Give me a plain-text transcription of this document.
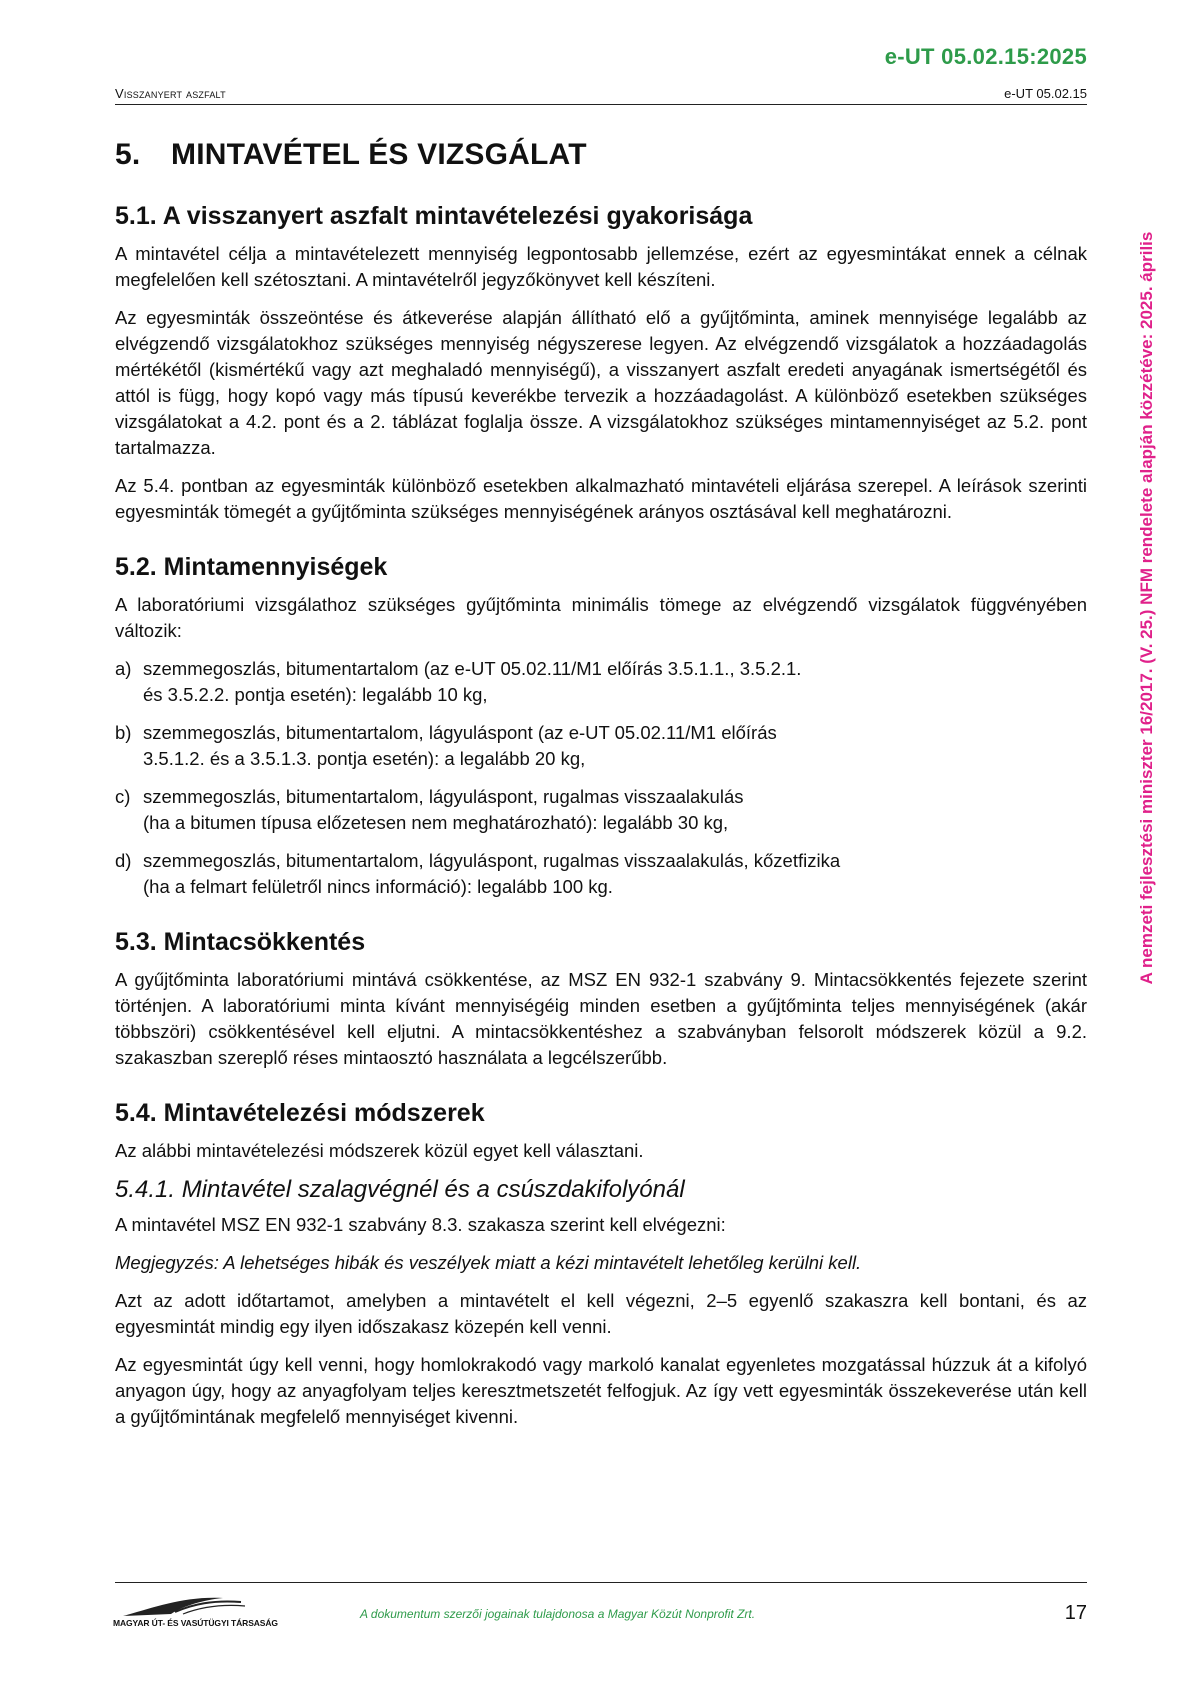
e-UT 05.02.15:2025
Visszanyert aszfalt	e-UT 05.02.15
A nemzeti fejlesztési miniszter 16/2017. (V. 25.) NFM rendelete alapján közzétéve: 2025. április
5. MINTAVÉTEL ÉS VIZSGÁLAT
5.1. A visszanyert aszfalt mintavételezési gyakorisága

A mintavétel célja a mintavételezett mennyiség legpontosabb jellemzése, ezért az egyesmintákat ennek a célnak megfelelően kell szétosztani. A mintavételről jegyzőkönyvet kell készíteni.

Az egyesminták összeöntése és átkeverése alapján állítható elő a gyűjtőminta, aminek mennyisége legalább az elvégzendő vizsgálatokhoz szükséges mennyiség négyszerese legyen. Az elvégzendő vizsgálatok a hozzáadagolás mértékétől (kismértékű vagy azt meghaladó mennyiségű), a visszanyert aszfalt eredeti anyagának ismertségétől és attól is függ, hogy kopó vagy más típusú keverékbe tervezik a hozzáadagolást. A különböző esetekben szükséges vizsgálatokat a 4.2. pont és a 2. táblázat foglalja össze. A vizsgálatokhoz szükséges mintamennyiséget az 5.2. pont tartalmazza.

Az 5.4. pontban az egyesminták különböző esetekben alkalmazható mintavételi eljárása szerepel. A leírások szerinti egyesminták tömegét a gyűjtőminta szükséges mennyiségének arányos osztásával kell meghatározni.

5.2. Mintamennyiségek

A laboratóriumi vizsgálathoz szükséges gyűjtőminta minimális tömege az elvégzendő vizsgálatok függvényében változik:

a) szemmegoszlás, bitumentartalom (az e-UT 05.02.11/M1 előírás 3.5.1.1., 3.5.2.1.
és 3.5.2.2. pontja esetén): legalább 10 kg,
b) szemmegoszlás, bitumentartalom, lágyuláspont (az e-UT 05.02.11/M1 előírás
3.5.1.2. és a 3.5.1.3. pontja esetén): a legalább 20 kg,
c) szemmegoszlás, bitumentartalom, lágyuláspont, rugalmas visszaalakulás
(ha a bitumen típusa előzetesen nem meghatározható): legalább 30 kg,
d) szemmegoszlás, bitumentartalom, lágyuláspont, rugalmas visszaalakulás, kőzetfizika
(ha a felmart felületről nincs információ): legalább 100 kg.
5.3. Mintacsökkentés

A gyűjtőminta laboratóriumi mintává csökkentése, az MSZ EN 932-1 szabvány 9. Mintacsökkentés fejezete szerint történjen. A laboratóriumi minta kívánt mennyiségéig minden esetben a gyűjtőminta teljes mennyiségének (akár többszöri) csökkentésével kell eljutni. A mintacsökkentéshez a szabványban felsorolt módszerek közül a 9.2. szakaszban szereplő réses mintaosztó használata a legcélszerűbb.

5.4. Mintavételezési módszerek

Az alábbi mintavételezési módszerek közül egyet kell választani.

5.4.1. Mintavétel szalagvégnél és a csúszdakifolyónál

A mintavétel MSZ EN 932-1 szabvány 8.3. szakasza szerint kell elvégezni:

Megjegyzés: A lehetséges hibák és veszélyek miatt a kézi mintavételt lehetőleg kerülni kell.

Azt az adott időtartamot, amelyben a mintavételt el kell végezni, 2–5 egyenlő szakaszra kell bontani, és az egyesmintát mindig egy ilyen időszakasz közepén kell venni.

Az egyesmintát úgy kell venni, hogy homlokrakodó vagy markoló kanalat egyenletes mozgatással húzzuk át a kifolyó anyagon úgy, hogy az anyagfolyam teljes keresztmetszetét felfogjuk. Az így vett egyesminták összekeverése után kell a gyűjtőmintának megfelelő mennyiséget kivenni.

MAGYAR ÚT- ÉS VASÚTÜGYI TÁRSASÁG
A dokumentum szerzői jogainak tulajdonosa a Magyar Közút Nonprofit Zrt.	17
